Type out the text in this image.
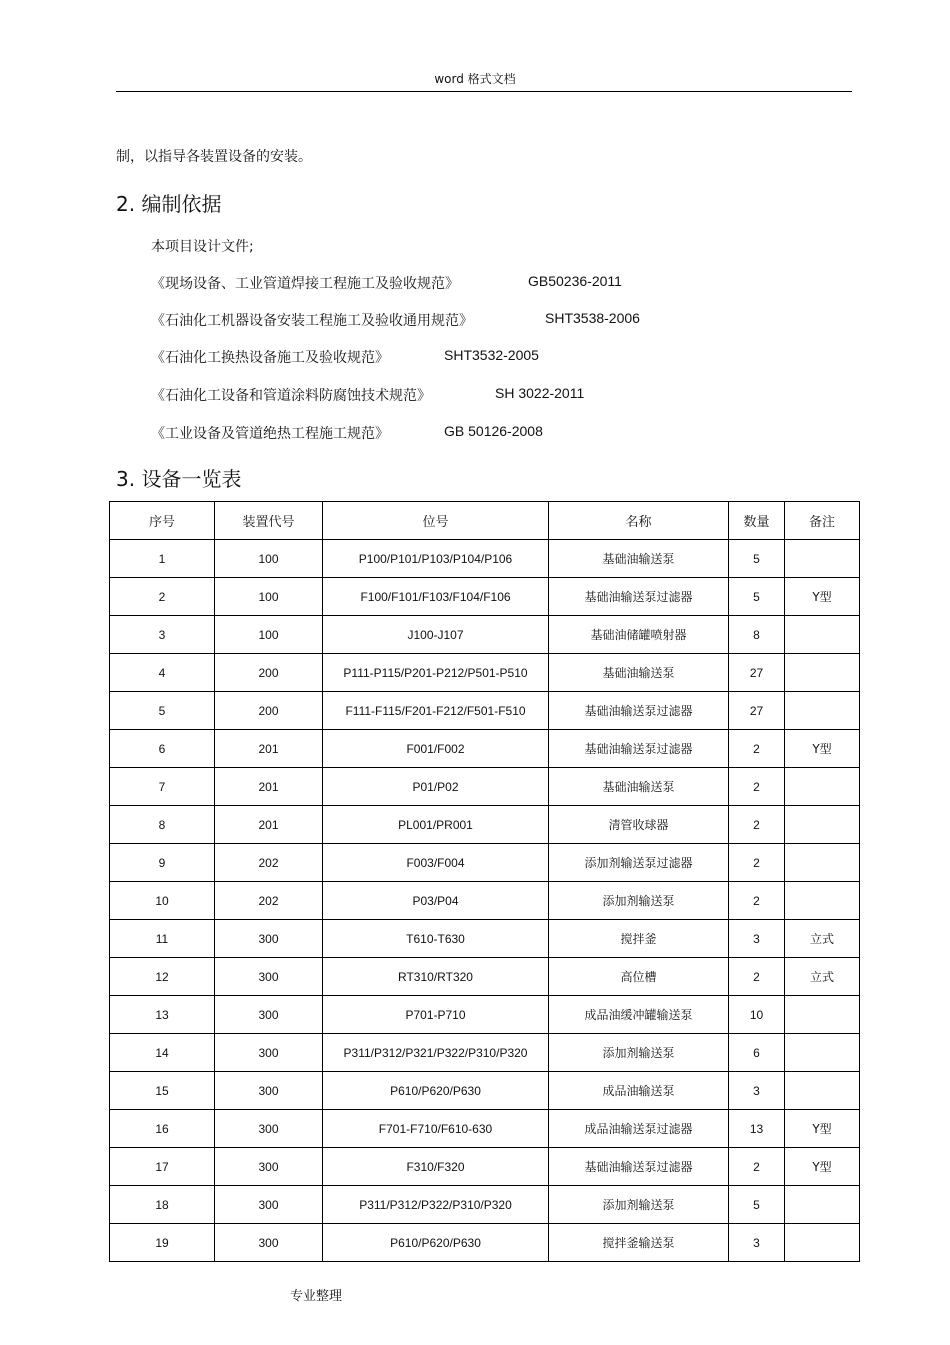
word 格式文档
制，以指导各装置设备的安装。
2. 编制依据
本项目设计文件;
《现场设备、工业管道焊接工程施工及验收规范》	GB50236-2011
《石油化工机器设备安装工程施工及验收通用规范》	SHT3538-2006
《石油化工换热设备施工及验收规范》	SHT3532-2005
《石油化工设备和管道涂料防腐蚀技术规范》	SH 3022-2011
《工业设备及管道绝热工程施工规范》	GB 50126-2008
3. 设备一览表
序号	装置代号	位号	名称	数量	备注
1	100	P100/P101/P103/P104/P106	基础油输送泵	5	
2	100	F100/F101/F103/F104/F106	基础油输送泵过滤器	5	Y型
3	100	J100-J107	基础油储罐喷射器	8	
4	200	P111-P115/P201-P212/P501-P510	基础油输送泵	27	
5	200	F111-F115/F201-F212/F501-F510	基础油输送泵过滤器	27	
6	201	F001/F002	基础油输送泵过滤器	2	Y型
7	201	P01/P02	基础油输送泵	2	
8	201	PL001/PR001	清管收球器	2	
9	202	F003/F004	添加剂输送泵过滤器	2	
10	202	P03/P04	添加剂输送泵	2	
11	300	T610-T630	搅拌釜	3	立式
12	300	RT310/RT320	高位槽	2	立式
13	300	P701-P710	成品油缓冲罐输送泵	10	
14	300	P311/P312/P321/P322/P310/P320	添加剂输送泵	6	
15	300	P610/P620/P630	成品油输送泵	3	
16	300	F701-F710/F610-630	成品油输送泵过滤器	13	Y型
17	300	F310/F320	基础油输送泵过滤器	2	Y型
18	300	P311/P312/P322/P310/P320	添加剂输送泵	5	
19	300	P610/P620/P630	搅拌釜输送泵	3	
专业整理
